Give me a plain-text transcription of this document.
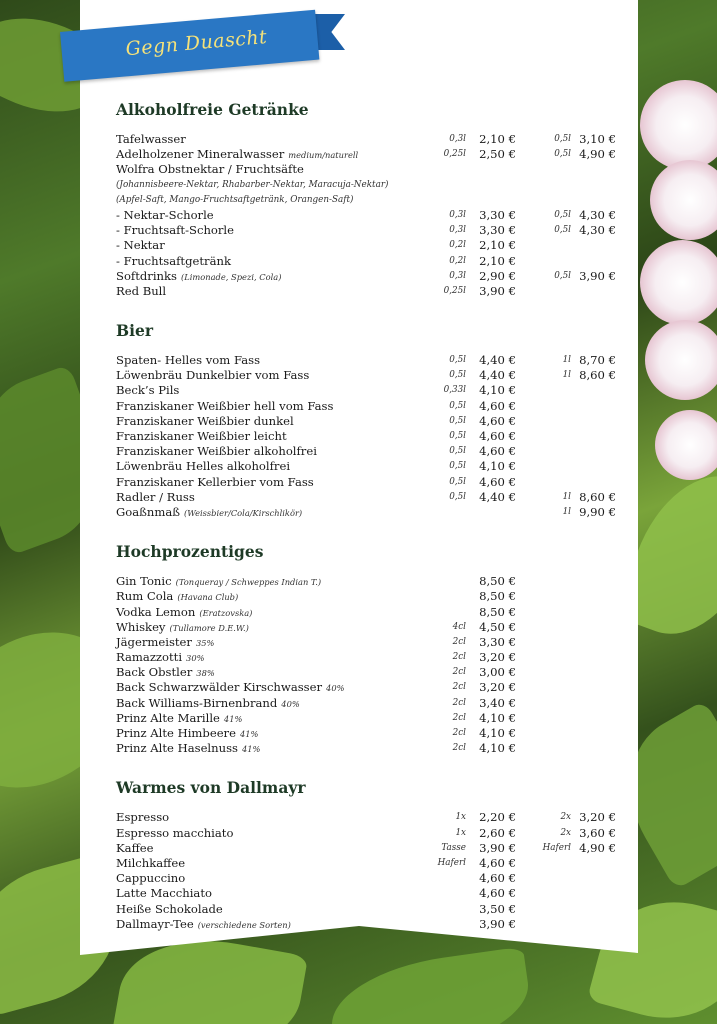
Gegn Duascht
Alkoholfreie Getränke
Tafelwasser	0,3l 2,10 €	0,5l 3,10 €
Adelholzener Mineralwasser medium/naturell	0,25l 2,50 €	0,5l 4,90 €
Wolfra Obstnektar / Fruchtsäfte
(Johannisbeere-Nektar, Rhabarber-Nektar, Maracuja-Nektar)
(Apfel-Saft, Mango-Fruchtsaftgetränk, Orangen-Saft)
- Nektar-Schorle	0,3l 3,30 €	0,5l 4,30 €
- Fruchtsaft-Schorle	0,3l 3,30 €	0,5l 4,30 €
- Nektar	0,2l 2,10 €
- Fruchtsaftgetränk	0,2l 2,10 €
Softdrinks (Limonade, Spezi, Cola)	0,3l 2,90 €	0,5l 3,90 €
Red Bull	0,25l 3,90 €
Bier
Spaten- Helles vom Fass	0,5l 4,40 €	1l 8,70 €
Löwenbräu Dunkelbier vom Fass	0,5l 4,40 €	1l 8,60 €
Beck’s Pils	0,33l 4,10 €
Franziskaner Weißbier hell vom Fass	0,5l 4,60 €
Franziskaner Weißbier dunkel	0,5l 4,60 €
Franziskaner Weißbier leicht	0,5l 4,60 €
Franziskaner Weißbier alkoholfrei	0,5l 4,60 €
Löwenbräu Helles alkoholfrei	0,5l 4,10 €
Franziskaner Kellerbier vom Fass	0,5l 4,60 €
Radler / Russ	0,5l 4,40 €	1l 8,60 €
Goaßnmaß (Weissbier/Cola/Kirschlikör)	1l 9,90 €
Hochprozentiges
Gin Tonic (Tonqueray / Schweppes Indian T.)	8,50 €
Rum Cola (Havana Club)	8,50 €
Vodka Lemon (Eratzovska)	8,50 €
Whiskey (Tullamore D.E.W.)	4cl 4,50 €
Jägermeister 35%	2cl 3,30 €
Ramazzotti 30%	2cl 3,20 €
Back Obstler 38%	2cl 3,00 €
Back Schwarzwälder Kirschwasser 40%	2cl 3,20 €
Back Williams-Birnenbrand 40%	2cl 3,40 €
Prinz Alte Marille 41%	2cl 4,10 €
Prinz Alte Himbeere 41%	2cl 4,10 €
Prinz Alte Haselnuss 41%	2cl 4,10 €
Warmes von Dallmayr
Espresso	1x 2,20 €	2x 3,20 €
Espresso macchiato	1x 2,60 €	2x 3,60 €
Kaffee	Tasse 3,90 €	Haferl 4,90 €
Milchkaffee	Haferl 4,60 €
Cappuccino	4,60 €
Latte Macchiato	4,60 €
Heiße Schokolade	3,50 €
Dallmayr-Tee (verschiedene Sorten)	3,90 €
